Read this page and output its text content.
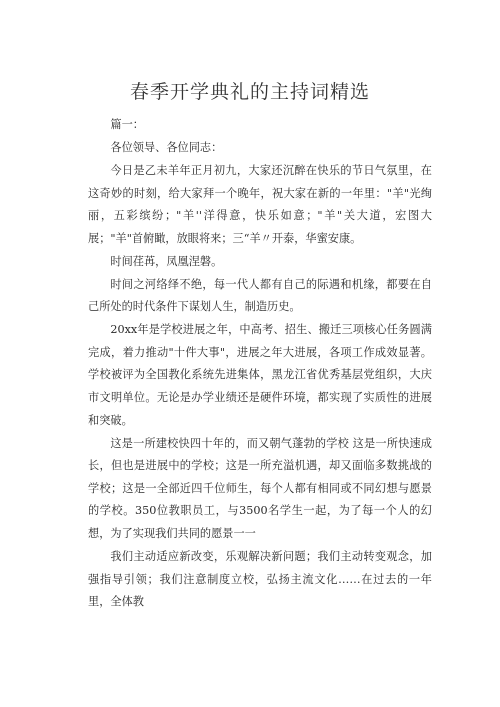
春季开学典礼的主持词精选

篇一：

各位领导、各位同志：

今日是乙未羊年正月初九，大家还沉醉在快乐的节日气氛里，在这奇妙的时刻，给大家拜一个晚年，祝大家在新的一年里："羊"光绚丽，五彩缤纷；"羊''洋得意，快乐如意；"羊"关大道，宏图大展；"羊"首俯瞰，放眼将来；三“羊〃开泰，华蜜安康。

时间荏苒，凤凰涅磐。

时间之河络绎不绝，每一代人都有自己的际遇和机缘，都要在自己所处的时代条件下谋划人生，制造历史。

20xx年是学校进展之年，中高考、招生、搬迁三项核心任务圆满完成，着力推动"十件大事"，进展之年大进展，各项工作成效显著。学校被评为全国教化系统先进集体，黑龙江省优秀基层党组织，大庆市文明单位。无论是办学业绩还是硬件环境，都实现了实质性的进展和突破。

这是一所建校快四十年的，而又朝气蓬勃的学校 这是一所快速成长，但也是进展中的学校；这是一所充溢机遇，却又面临多数挑战的学校；这是一全部近四千位师生，每个人都有相同或不同幻想与愿景的学校。350位教职员工，与3500名学生一起，为了每一个人的幻想，为了实现我们共同的愿景一一

我们主动适应新改变，乐观解决新问题；我们主动转变观念，加强指导引领；我们注意制度立校，弘扬主流文化……在过去的一年里，全体教
